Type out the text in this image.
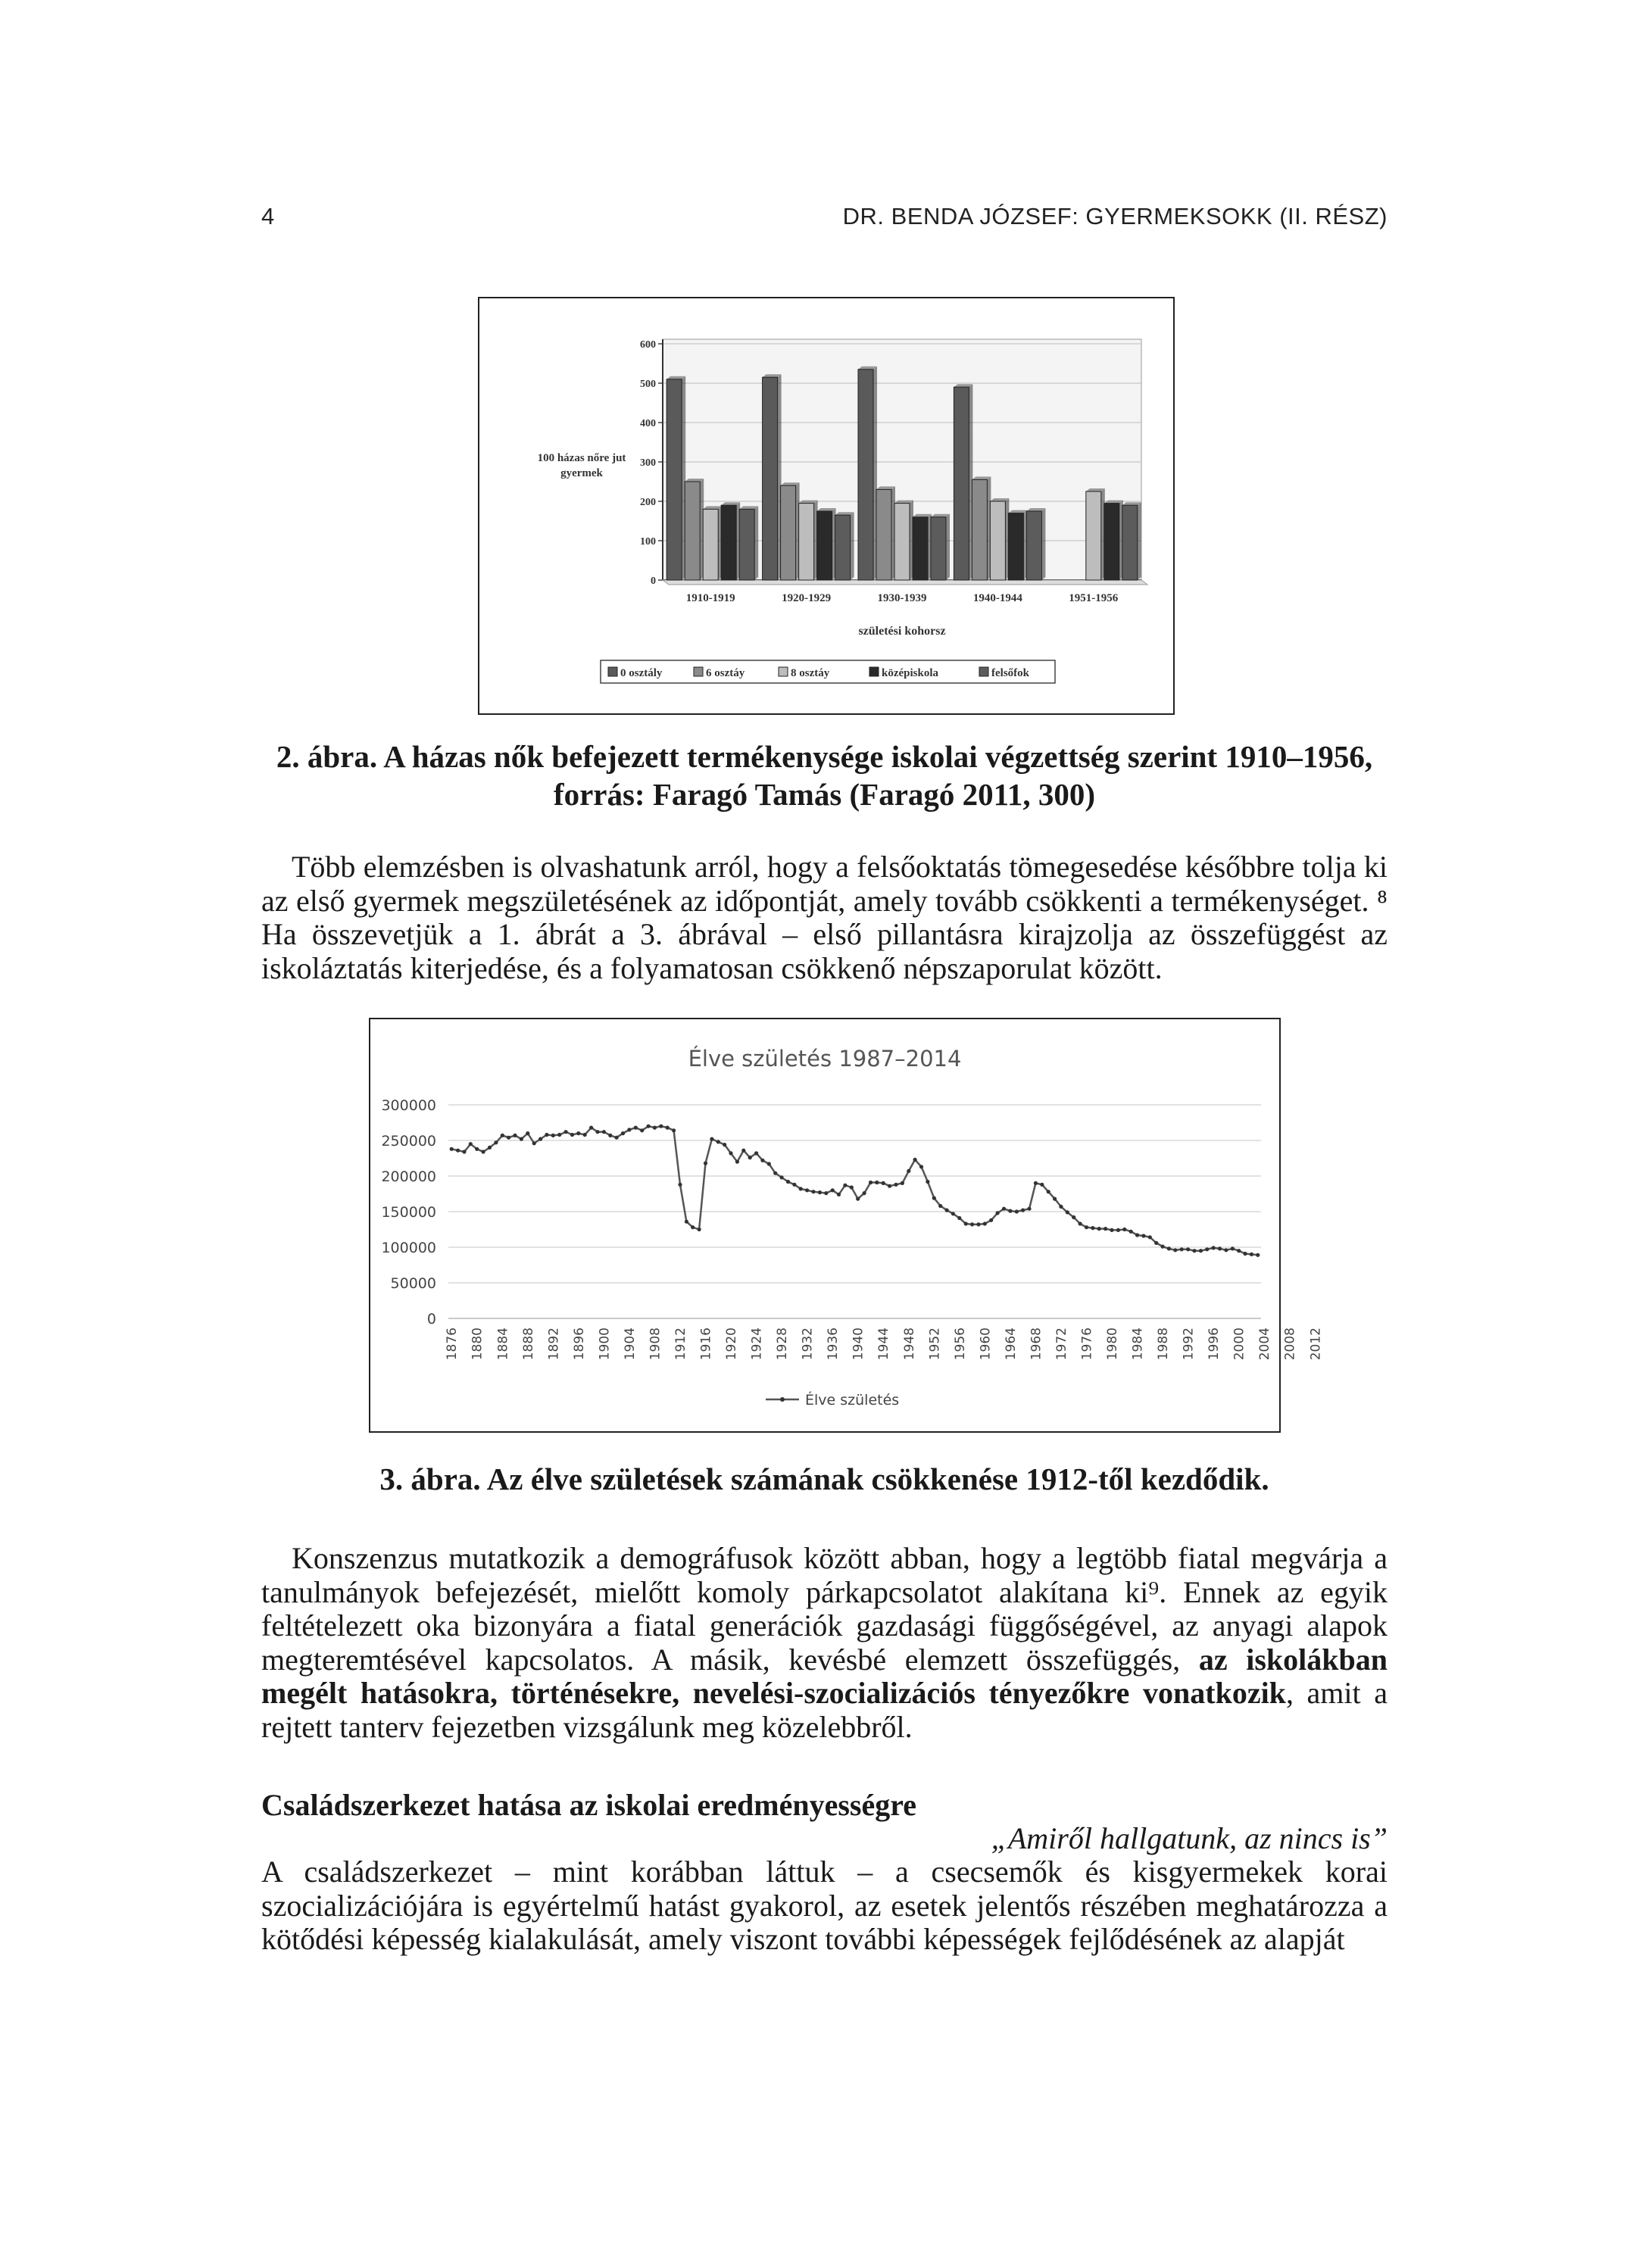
4	DR. BENDA JÓZSEF: GYERMEKSOKK (II. RÉSZ)
0
100
200
300
400
500
600
100 házas nőre jut
gyermek
1910-1919	1920-1929	1930-1939	1940-1944	1951-1956
születési kohorsz
0 osztály	6 osztáy	8 osztáy	középiskola	felsőfok
2. ábra. A házas nők befejezett termékenysége iskolai végzettség szerint 1910–1956,
forrás: Faragó Tamás (Faragó 2011, 300)

Több elemzésben is olvashatunk arról, hogy a felsőoktatás tömegesedése későbbre tolja ki az első gyermek megszületésének az időpontját, amely tovább csökkenti a termékenységet. ⁸ Ha összevetjük a 1. ábrát a 3. ábrával – első pillantásra kirajzolja az összefüggést az iskoláztatás kiterjedése, és a folyamatosan csökkenő népszaporulat között.

Élve születés 1987–2014
0
50000
100000
150000
200000
250000
300000
1876 1880 1884 1888 1892 1896 1900 1904 1908 1912 1916 1920 1924 1928 1932 1936 1940 1944 1948 1952 1956 1960 1964 1968 1972 1976 1980 1984 1988 1992 1996 2000 2004 2008 2012
Élve születés
3. ábra. Az élve születések számának csökkenése 1912-től kezdődik.

Konszenzus mutatkozik a demográfusok között abban, hogy a legtöbb fiatal megvárja a tanulmányok befejezését, mielőtt komoly párkapcsolatot alakítana ki⁹. Ennek az egyik feltételezett oka bizonyára a fiatal generációk gazdasági függőségével, az anyagi alapok megteremtésével kapcsolatos. A másik, kevésbé elemzett összefüggés, az iskolákban megélt hatásokra, történésekre, nevelési-szocializációs tényezőkre vonatkozik, amit a rejtett tanterv fejezetben vizsgálunk meg közelebbről.

Családszerkezet hatása az iskolai eredményességre
„Amiről hallgatunk, az nincs is”
A családszerkezet – mint korábban láttuk – a csecsemők és kisgyermekek korai szocializációjára is egyértelmű hatást gyakorol, az esetek jelentős részében meghatározza a kötődési képesség kialakulását, amely viszont további képességek fejlődésének az alapját
